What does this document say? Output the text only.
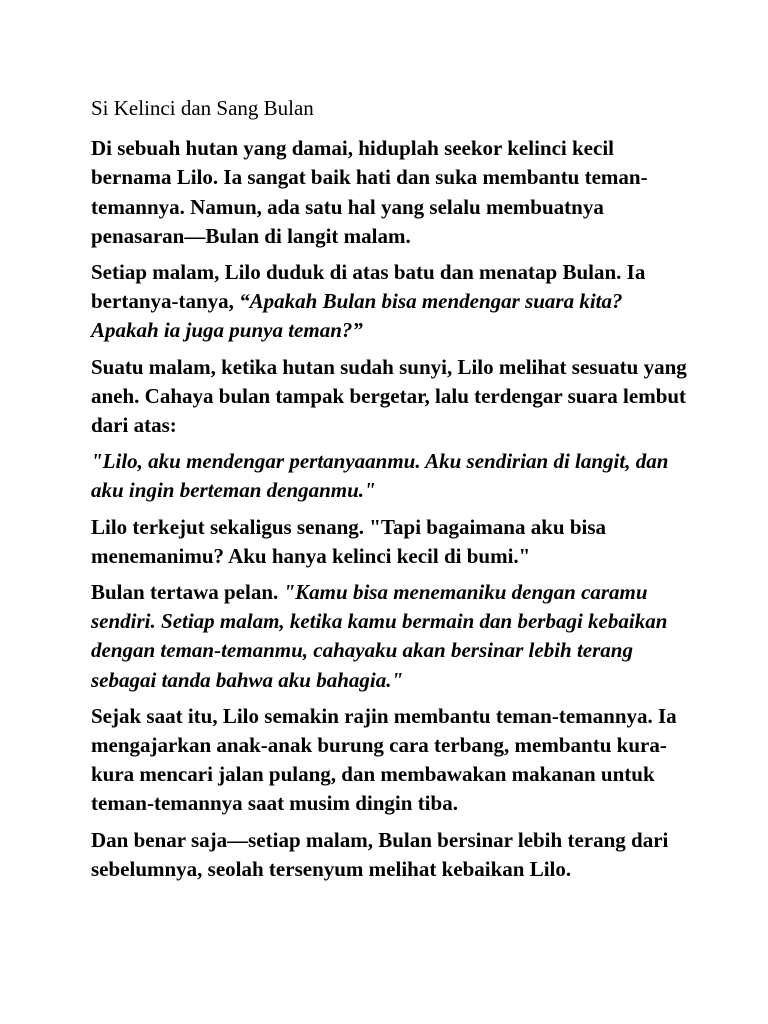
Si Kelinci dan Sang Bulan

Di sebuah hutan yang damai, hiduplah seekor kelinci kecil bernama Lilo. Ia sangat baik hati dan suka membantu teman-temannya. Namun, ada satu hal yang selalu membuatnya penasaran—Bulan di langit malam.

Setiap malam, Lilo duduk di atas batu dan menatap Bulan. Ia bertanya-tanya, “Apakah Bulan bisa mendengar suara kita? Apakah ia juga punya teman?”

Suatu malam, ketika hutan sudah sunyi, Lilo melihat sesuatu yang aneh. Cahaya bulan tampak bergetar, lalu terdengar suara lembut dari atas:

"Lilo, aku mendengar pertanyaanmu. Aku sendirian di langit, dan aku ingin berteman denganmu."

Lilo terkejut sekaligus senang. "Tapi bagaimana aku bisa menemanimu? Aku hanya kelinci kecil di bumi."

Bulan tertawa pelan. "Kamu bisa menemaniku dengan caramu sendiri. Setiap malam, ketika kamu bermain dan berbagi kebaikan dengan teman-temanmu, cahayaku akan bersinar lebih terang sebagai tanda bahwa aku bahagia."

Sejak saat itu, Lilo semakin rajin membantu teman-temannya. Ia mengajarkan anak-anak burung cara terbang, membantu kura-kura mencari jalan pulang, dan membawakan makanan untuk teman-temannya saat musim dingin tiba.

Dan benar saja—setiap malam, Bulan bersinar lebih terang dari sebelumnya, seolah tersenyum melihat kebaikan Lilo.
